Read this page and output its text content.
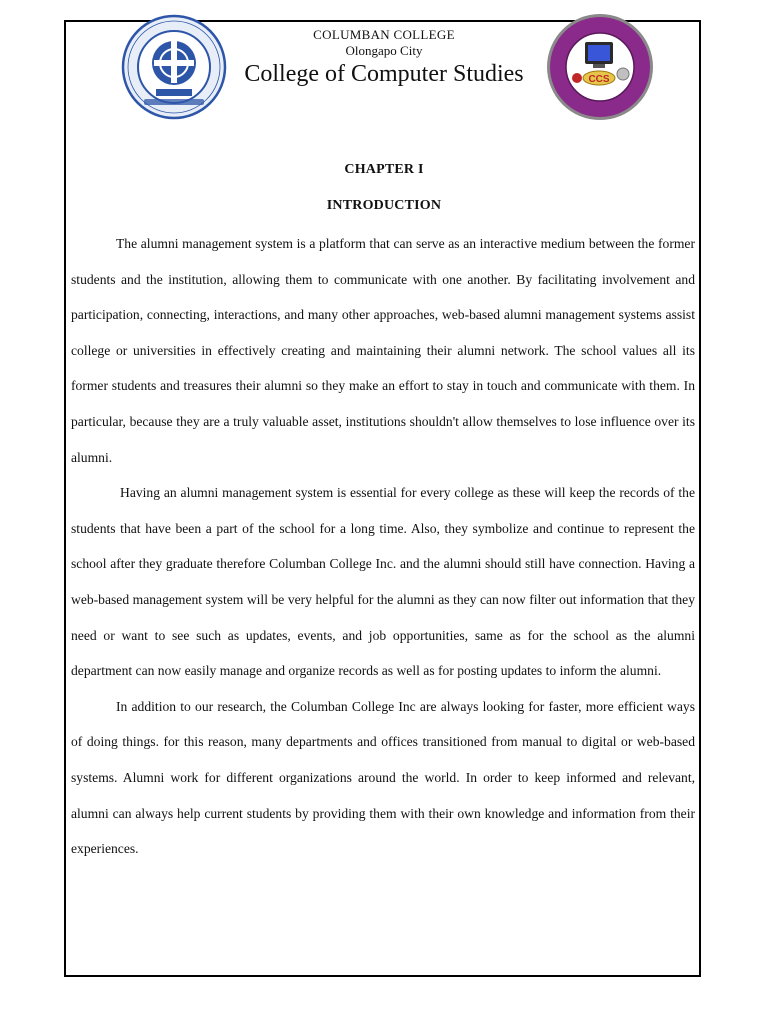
CCS
COLUMBAN COLLEGE
Olongapo City
College of Computer Studies
CHAPTER I
INTRODUCTION

The alumni management system is a platform that can serve as an interactive medium between the former students and the institution, allowing them to communicate with one another. By facilitating involvement and participation, connecting, interactions, and many other approaches, web-based alumni management systems assist college or universities in effectively creating and maintaining their alumni network. The school values all its former students and treasures their alumni so they make an effort to stay in touch and communicate with them. In particular, because they are a truly valuable asset, institutions shouldn't allow themselves to lose influence over its alumni.

Having an alumni management system is essential for every college as these will keep the records of the students that have been a part of the school for a long time. Also, they symbolize and continue to represent the school after they graduate therefore Columban College Inc. and the alumni should still have connection. Having a web-based management system will be very helpful for the alumni as they can now filter out information that they need or want to see such as updates, events, and job opportunities, same as for the school as the alumni department can now easily manage and organize records as well as for posting updates to inform the alumni.

In addition to our research, the Columban College Inc are always looking for faster, more efficient ways of doing things. for this reason, many departments and offices transitioned from manual to digital or web-based systems. Alumni work for different organizations around the world. In order to keep informed and relevant, alumni can always help current students by providing them with their own knowledge and information from their experiences.
